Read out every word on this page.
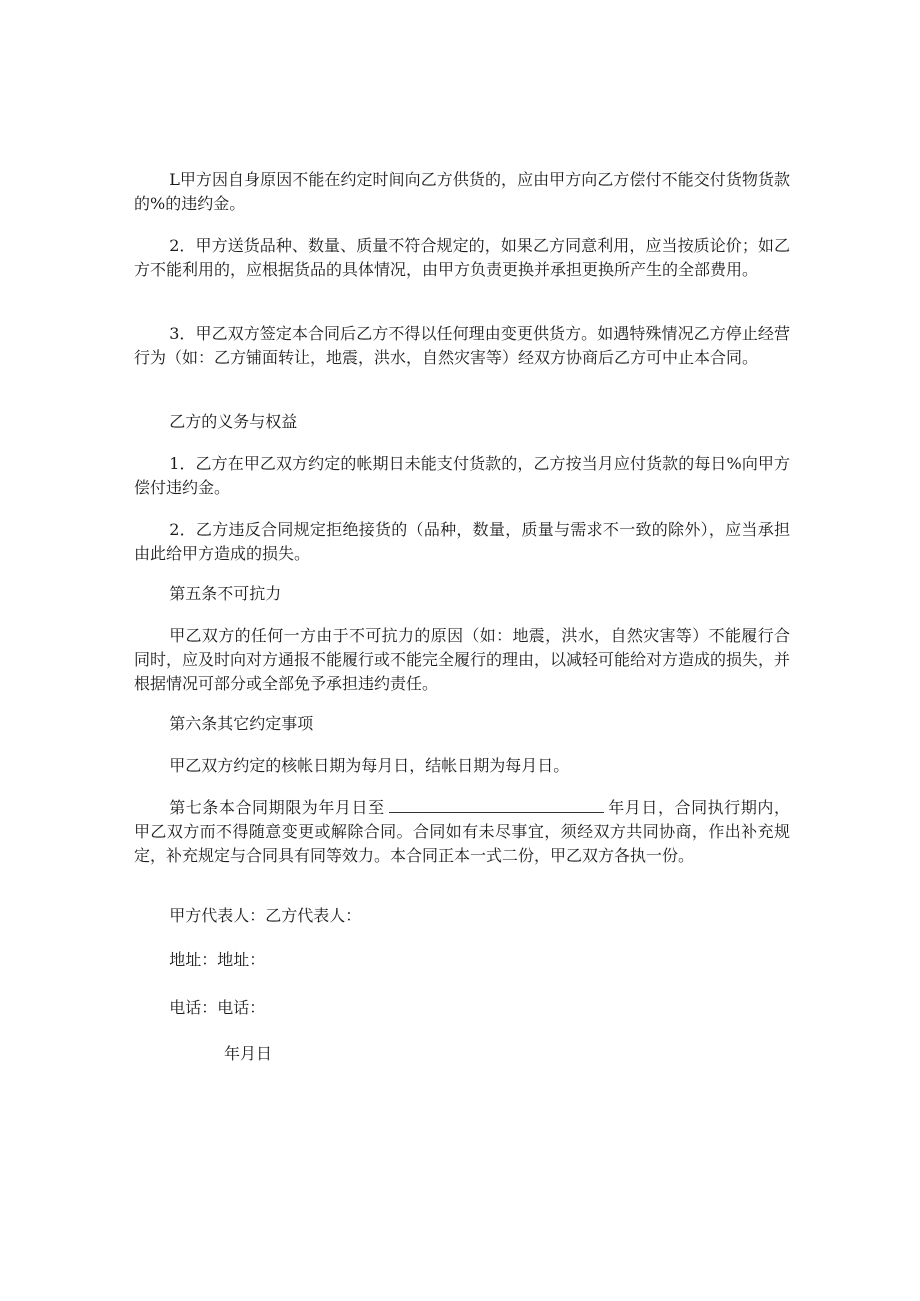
L甲方因自身原因不能在约定时间向乙方供货的，应由甲方向乙方偿付不能交付货物货款的%的违约金。

2．甲方送货品种、数量、质量不符合规定的，如果乙方同意利用，应当按质论价；如乙方不能利用的，应根据货品的具体情况，由甲方负责更换并承担更换所产生的全部费用。

3．甲乙双方签定本合同后乙方不得以任何理由变更供货方。如遇特殊情况乙方停止经营行为（如：乙方铺面转让，地震，洪水，自然灾害等）经双方协商后乙方可中止本合同。

乙方的义务与权益

1．乙方在甲乙双方约定的帐期日未能支付货款的，乙方按当月应付货款的每日%向甲方偿付违约金。

2．乙方违反合同规定拒绝接货的（品种，数量，质量与需求不一致的除外），应当承担由此给甲方造成的损失。

第五条不可抗力

甲乙双方的任何一方由于不可抗力的原因（如：地震，洪水，自然灾害等）不能履行合同时，应及时向对方通报不能履行或不能完全履行的理由，以减轻可能给对方造成的损失，并根据情况可部分或全部免予承担违约责任。

第六条其它约定事项

甲乙双方约定的核帐日期为每月日，结帐日期为每月日。

第七条本合同期限为年月日至	年月日，合同执行期内，甲乙双方而不得随意变更或解除合同。合同如有未尽事宜，须经双方共同协商，作出补充规定，补充规定与合同具有同等效力。本合同正本一式二份，甲乙双方各执一份。

甲方代表人：乙方代表人：

地址：地址：

电话：电话：

年月日
